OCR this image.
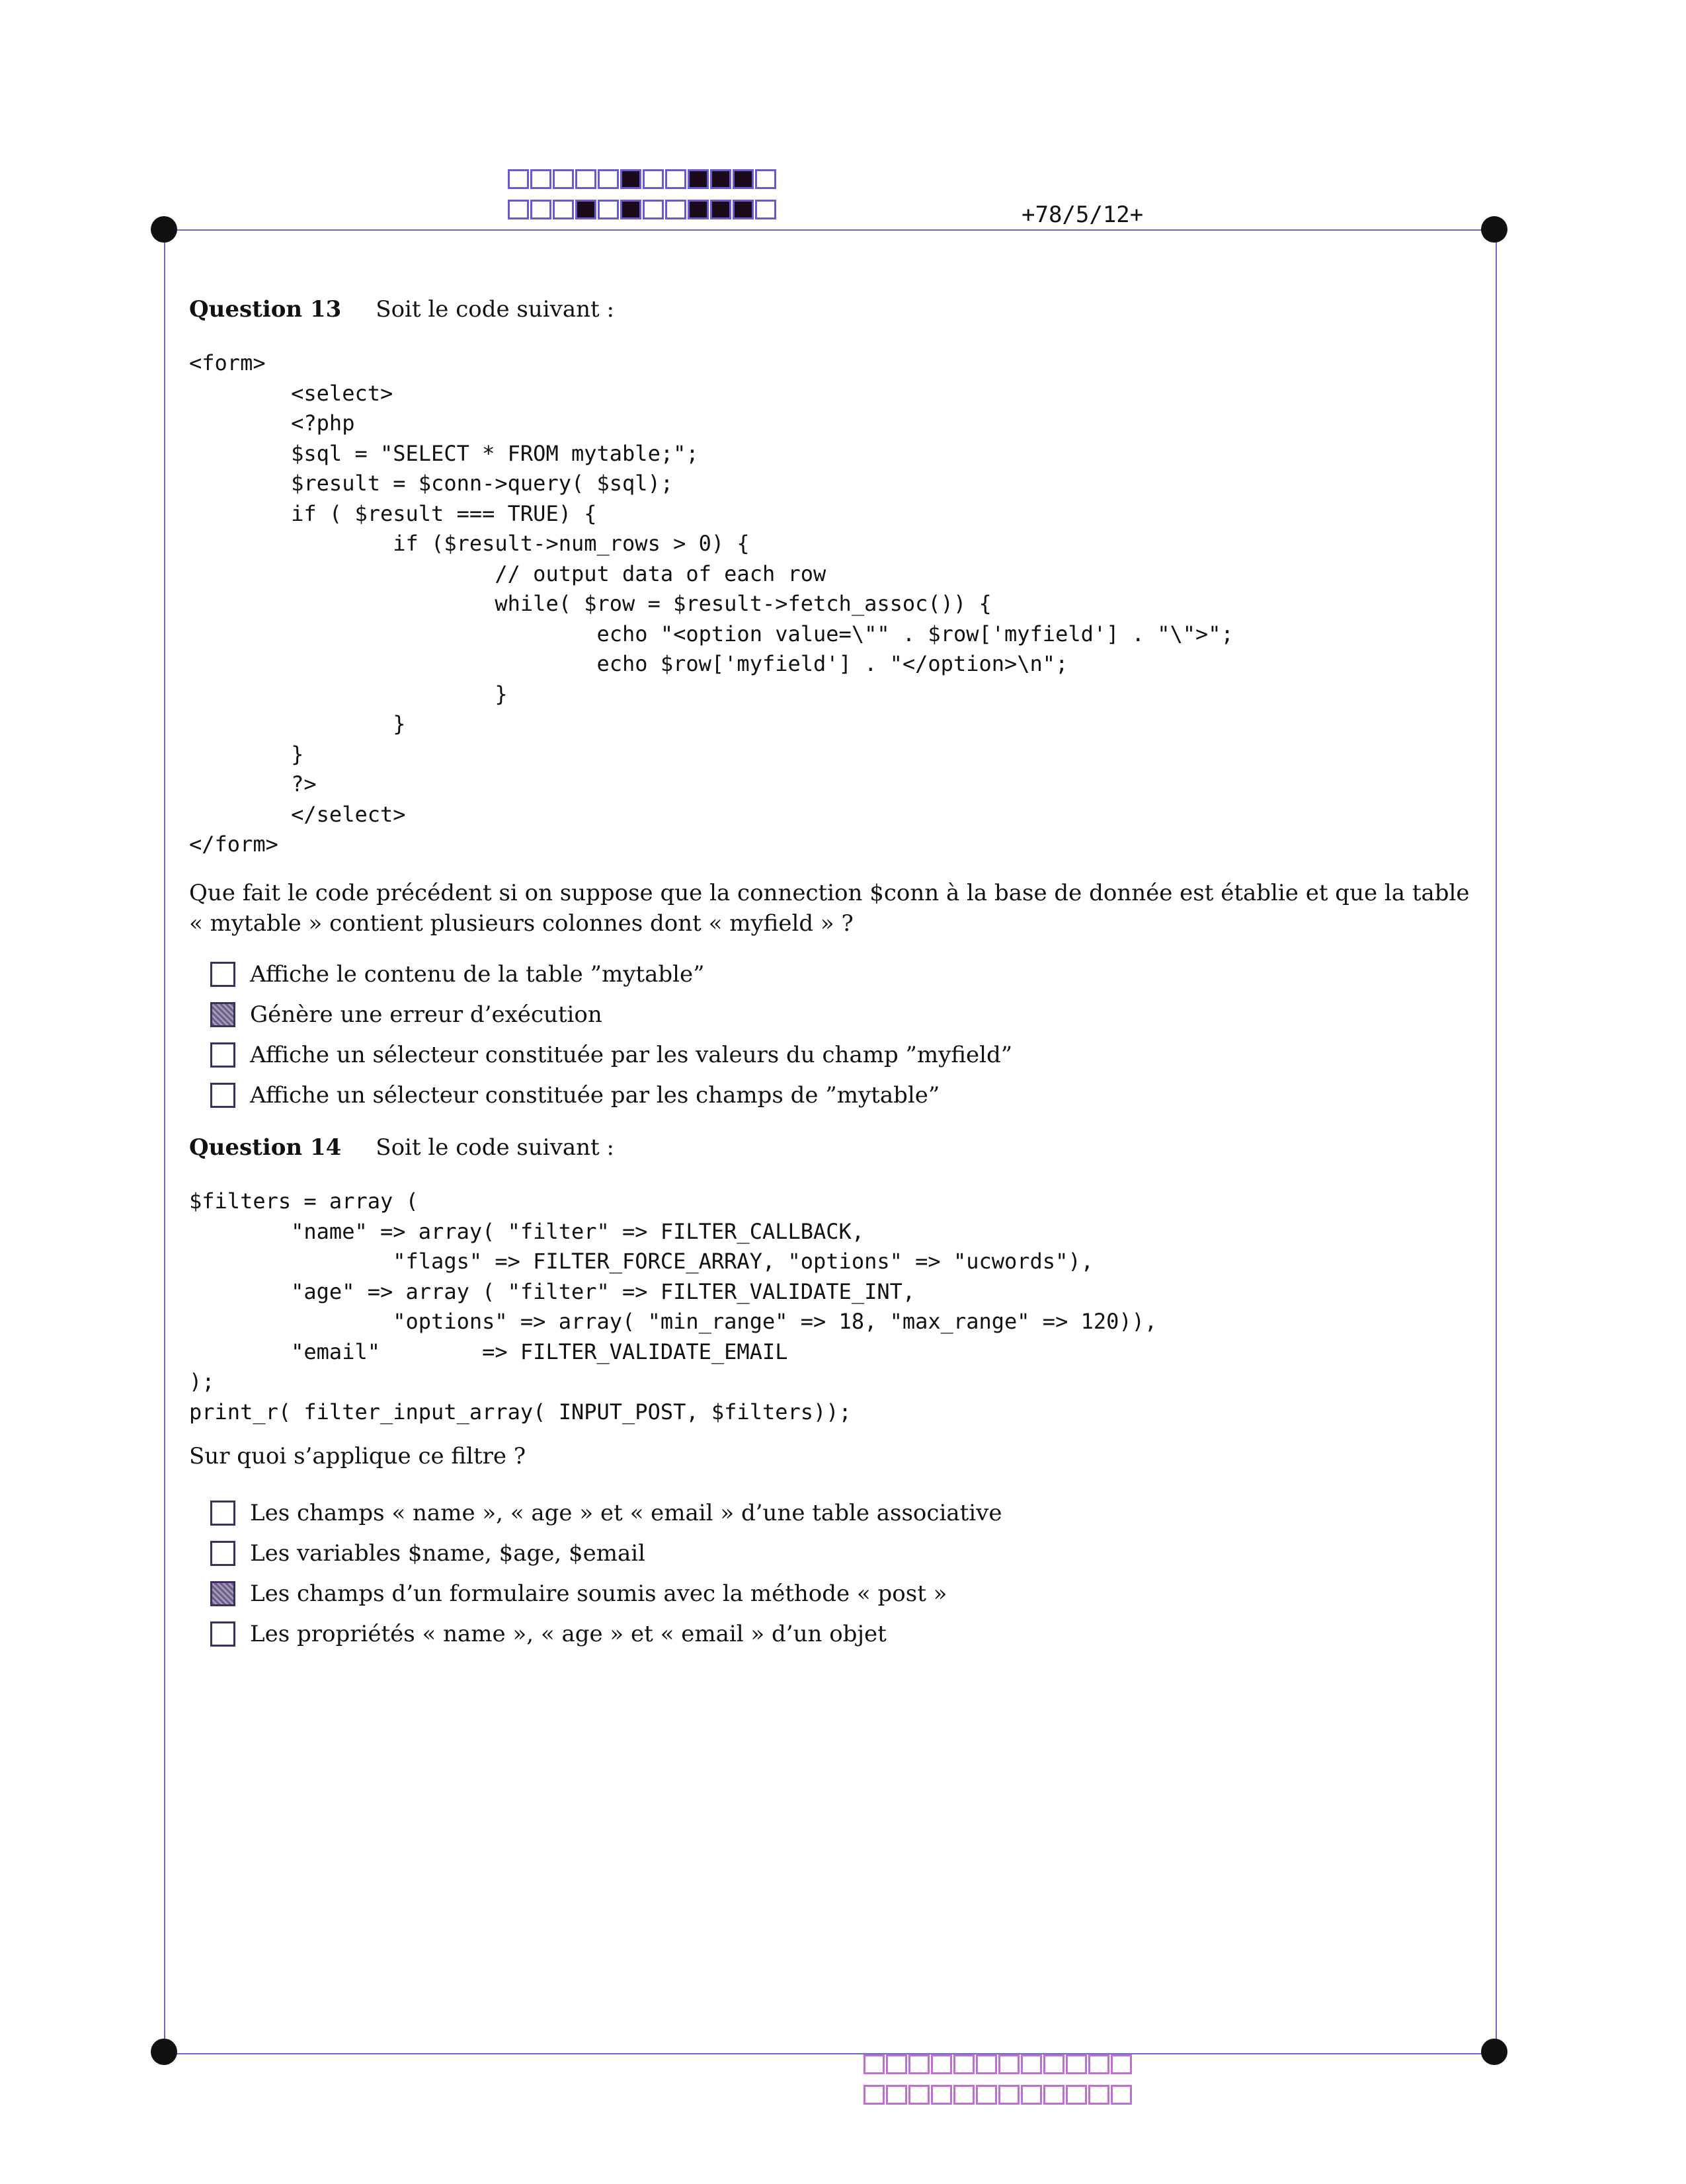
+78/5/12+
Question 13 Soit le code suivant :
<form>
<select>
<?php
$sql = "SELECT * FROM mytable;";
$result = $conn->query( $sql);
if ( $result === TRUE) {
if ($result->num_rows > 0) {
// output data of each row
while( $row = $result->fetch_assoc()) {
echo "<option value=\"" . $row['myfield'] . "\">";
echo $row['myfield'] . "</option>\n";
}
}
}
?>
</select>
</form>
Que fait le code précédent si on suppose que la connection $conn à la base de donnée est établie et que la table « mytable » contient plusieurs colonnes dont « myfield » ?
Affiche le contenu de la table ”mytable”
Génère une erreur d’exécution
Affiche un sélecteur constituée par les valeurs du champ ”myfield”
Affiche un sélecteur constituée par les champs de ”mytable”
Question 14 Soit le code suivant :
$filters = array (
"name" => array( "filter" => FILTER_CALLBACK,
"flags" => FILTER_FORCE_ARRAY, "options" => "ucwords"),
"age" => array ( "filter" => FILTER_VALIDATE_INT,
"options" => array( "min_range" => 18, "max_range" => 120)),
"email"        => FILTER_VALIDATE_EMAIL
);
print_r( filter_input_array( INPUT_POST, $filters));
Sur quoi s’applique ce filtre ?
Les champs « name », « age » et « email » d’une table associative
Les variables $name, $age, $email
Les champs d’un formulaire soumis avec la méthode « post »
Les propriétés « name », « age » et « email » d’un objet
